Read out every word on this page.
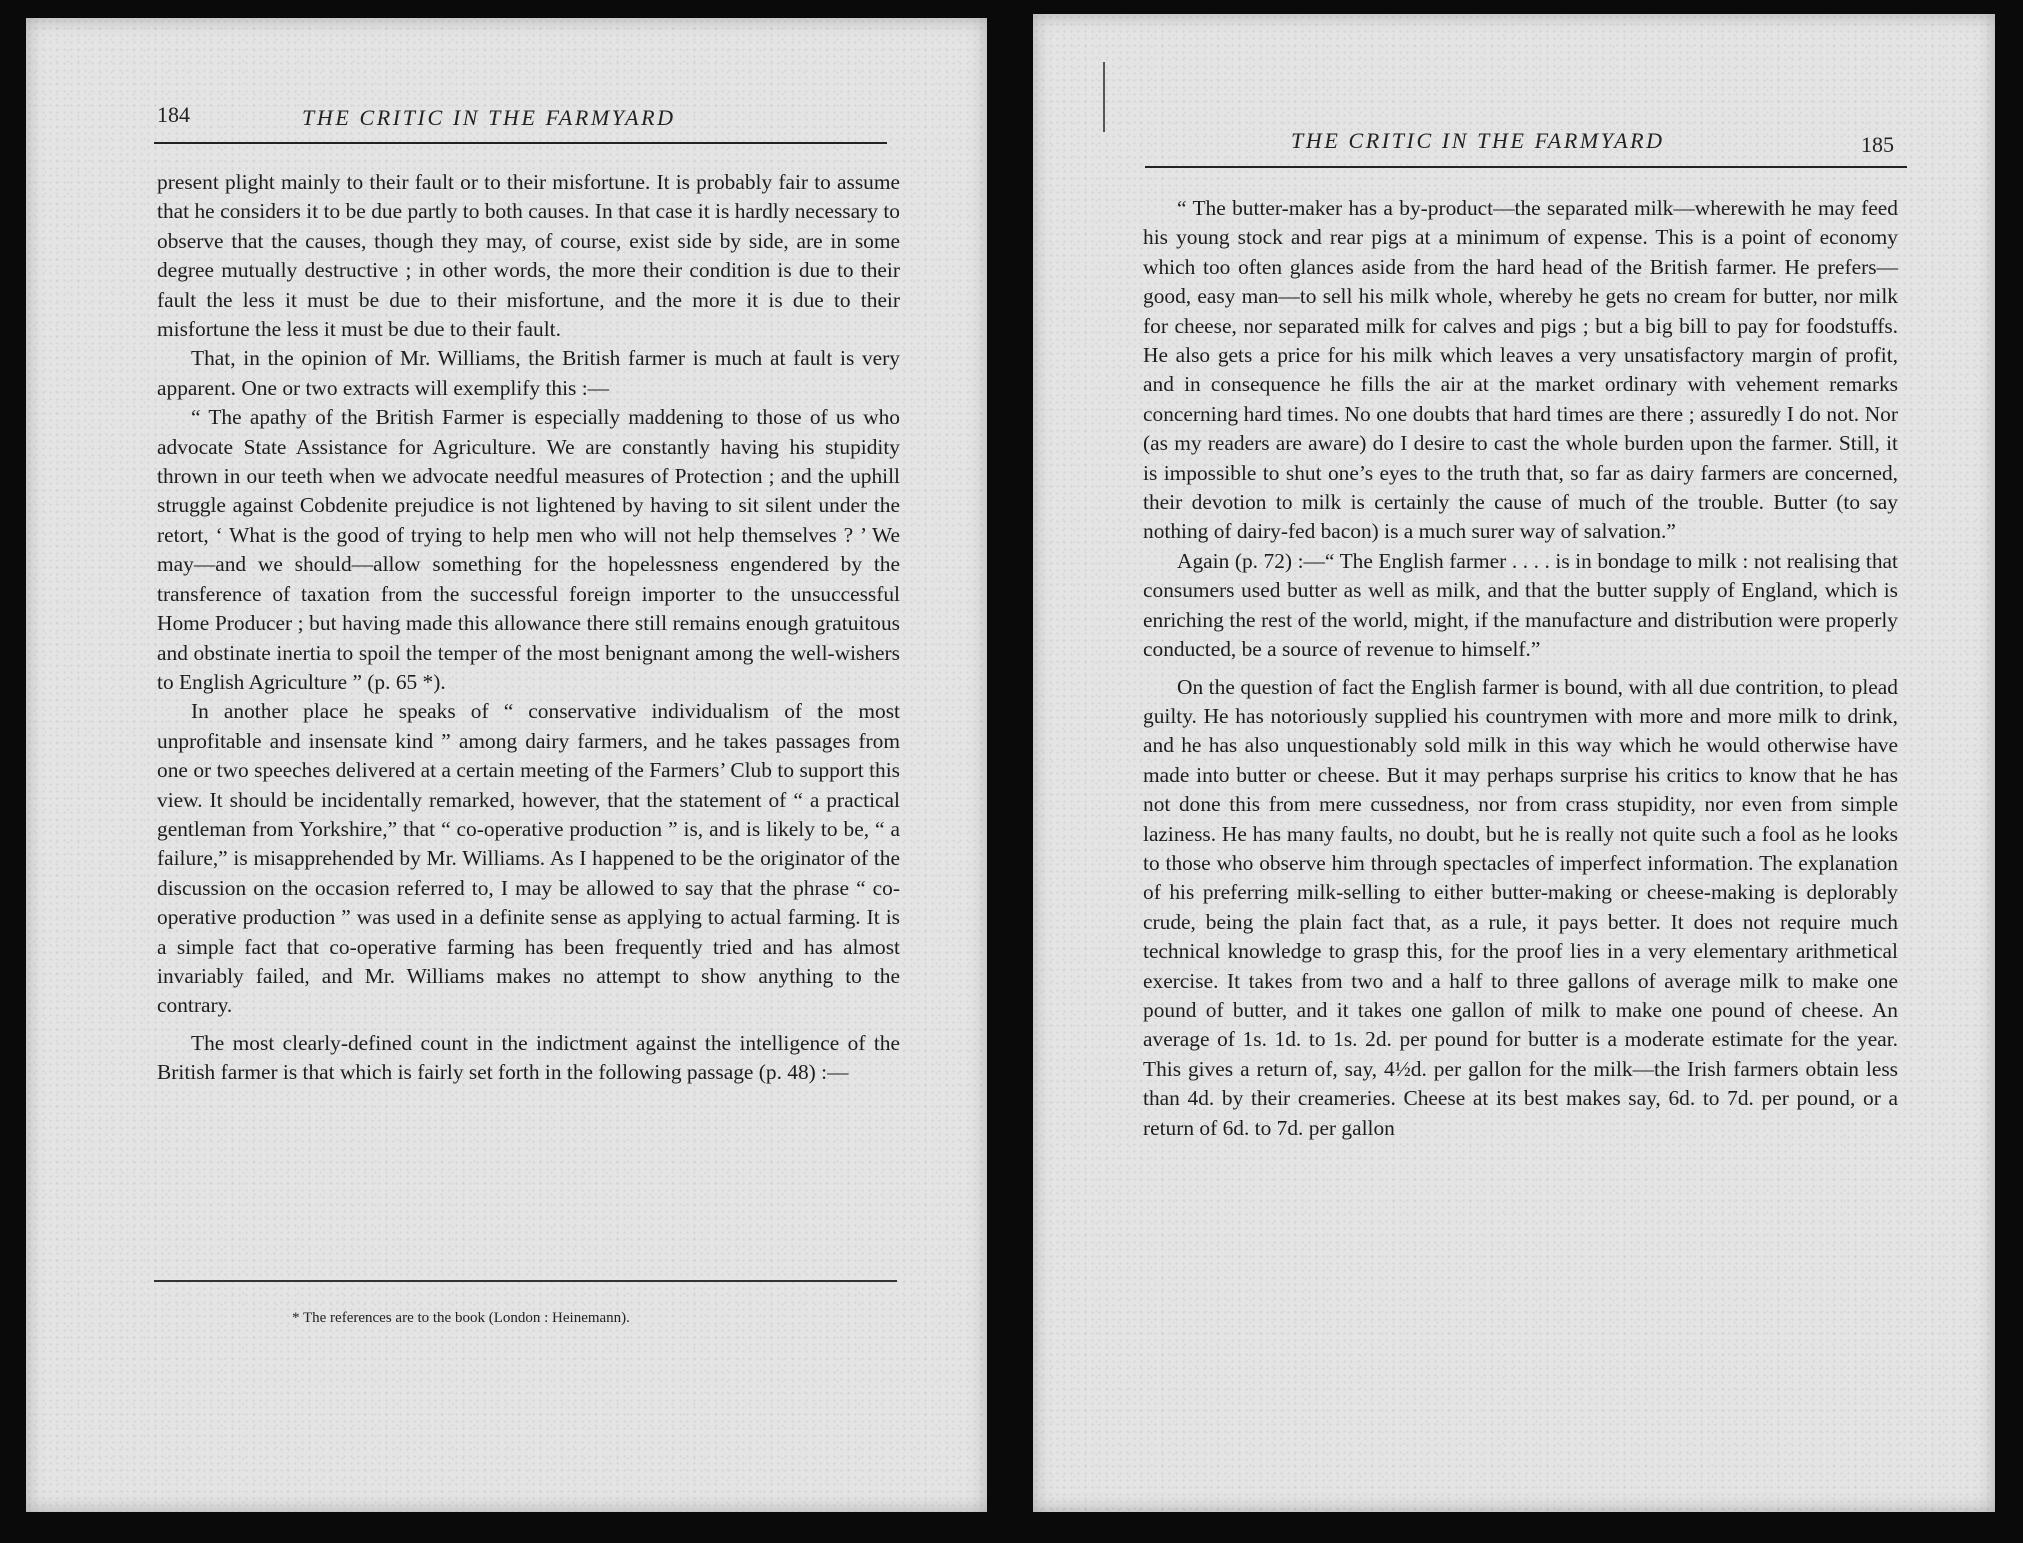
184	THE CRITIC IN THE FARMYARD

present plight mainly to their fault or to their misfortune. It is probably fair to assume that he considers it to be due partly to both causes. In that case it is hardly necessary to observe that the causes, though they may, of course, exist side by side, are in some degree mutually destructive ; in other words, the more their condition is due to their fault the less it must be due to their misfortune, and the more it is due to their misfortune the less it must be due to their fault.

That, in the opinion of Mr. Williams, the British farmer is much at fault is very apparent. One or two extracts will exemplify this :—

“ The apathy of the British Farmer is especially maddening to those of us who advocate State Assistance for Agriculture. We are constantly having his stupidity thrown in our teeth when we advocate needful measures of Protection ; and the uphill struggle against Cobdenite prejudice is not lightened by having to sit silent under the retort, ‘ What is the good of trying to help men who will not help themselves ? ’ We may—and we should—allow something for the hopelessness engendered by the transference of taxation from the successful foreign importer to the unsuccessful Home Producer ; but having made this allowance there still remains enough gratuitous and obstinate inertia to spoil the temper of the most benignant among the well-wishers to English Agriculture ” (p. 65 *).

In another place he speaks of “ conservative individualism of the most unprofitable and insensate kind ” among dairy farmers, and he takes passages from one or two speeches delivered at a certain meeting of the Farmers’ Club to support this view. It should be incidentally remarked, however, that the statement of “ a practical gentleman from Yorkshire,” that “ co-operative production ” is, and is likely to be, “ a failure,” is misapprehended by Mr. Williams. As I happened to be the originator of the discussion on the occasion referred to, I may be allowed to say that the phrase “ co-operative production ” was used in a definite sense as applying to actual farming. It is a simple fact that co-operative farming has been frequently tried and has almost invariably failed, and Mr. Williams makes no attempt to show anything to the contrary.

The most clearly-defined count in the indictment against the intelligence of the British farmer is that which is fairly set forth in the following passage (p. 48) :—

* The references are to the book (London : Heinemann).
THE CRITIC IN THE FARMYARD	185

“ The butter-maker has a by-product—the separated milk—wherewith he may feed his young stock and rear pigs at a minimum of expense. This is a point of economy which too often glances aside from the hard head of the British farmer. He prefers—good, easy man—to sell his milk whole, whereby he gets no cream for butter, nor milk for cheese, nor separated milk for calves and pigs ; but a big bill to pay for foodstuffs. He also gets a price for his milk which leaves a very unsatisfactory margin of profit, and in consequence he fills the air at the market ordinary with vehement remarks concerning hard times. No one doubts that hard times are there ; assuredly I do not. Nor (as my readers are aware) do I desire to cast the whole burden upon the farmer. Still, it is impossible to shut one’s eyes to the truth that, so far as dairy farmers are concerned, their devotion to milk is certainly the cause of much of the trouble. Butter (to say nothing of dairy-fed bacon) is a much surer way of salvation.”

Again (p. 72) :—“ The English farmer . . . . is in bondage to milk : not realising that consumers used butter as well as milk, and that the butter supply of England, which is enriching the rest of the world, might, if the manufacture and distribution were properly conducted, be a source of revenue to himself.”

On the question of fact the English farmer is bound, with all due contrition, to plead guilty. He has notoriously supplied his countrymen with more and more milk to drink, and he has also unquestionably sold milk in this way which he would otherwise have made into butter or cheese. But it may perhaps surprise his critics to know that he has not done this from mere cussedness, nor from crass stupidity, nor even from simple laziness. He has many faults, no doubt, but he is really not quite such a fool as he looks to those who observe him through spectacles of imperfect information. The explanation of his preferring milk-selling to either butter-making or cheese-making is deplorably crude, being the plain fact that, as a rule, it pays better. It does not require much technical knowledge to grasp this, for the proof lies in a very elementary arithmetical exercise. It takes from two and a half to three gallons of average milk to make one pound of butter, and it takes one gallon of milk to make one pound of cheese. An average of 1s. 1d. to 1s. 2d. per pound for butter is a moderate estimate for the year. This gives a return of, say, 4½d. per gallon for the milk—the Irish farmers obtain less than 4d. by their creameries. Cheese at its best makes say, 6d. to 7d. per pound, or a return of 6d. to 7d. per gallon
